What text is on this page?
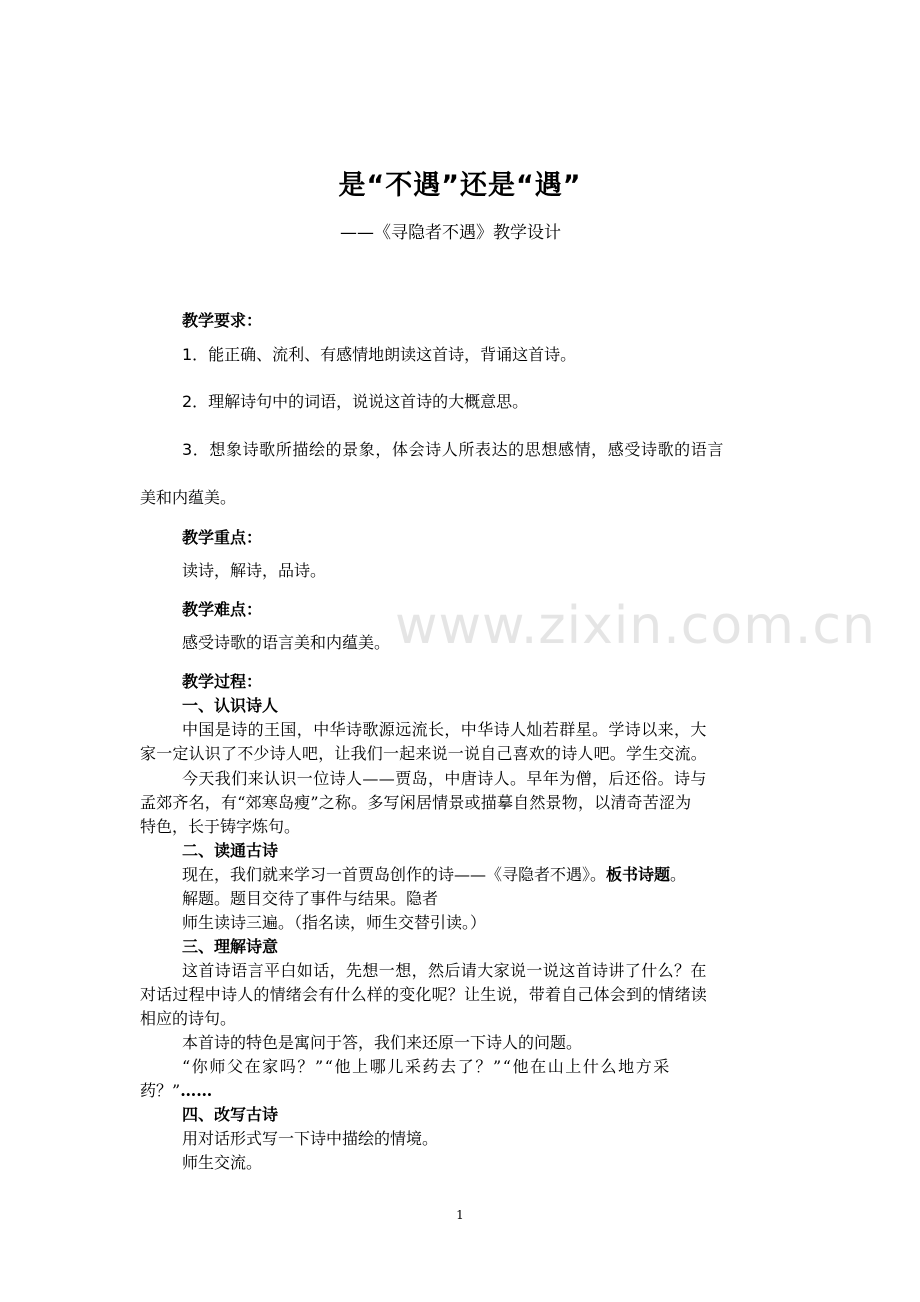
是“不遇”还是“遇”
——《寻隐者不遇》教学设计
教学要求：
1．能正确、流利、有感情地朗读这首诗，背诵这首诗。
2．理解诗句中的词语，说说这首诗的大概意思。
3．想象诗歌所描绘的景象，体会诗人所表达的思想感情，感受诗歌的语言
美和内蕴美。
教学重点：
读诗，解诗，品诗。
教学难点：
感受诗歌的语言美和内蕴美。 www.zixin.com.cn
教学过程：
一、认识诗人
中国是诗的王国，中华诗歌源远流长，中华诗人灿若群星。学诗以来，大
家一定认识了不少诗人吧，让我们一起来说一说自己喜欢的诗人吧。学生交流。
今天我们来认识一位诗人——贾岛，中唐诗人。早年为僧，后还俗。诗与
孟郊齐名，有“郊寒岛瘦”之称。多写闲居情景或描摹自然景物，以清奇苦涩为
特色，长于铸字炼句。
二、读通古诗
现在，我们就来学习一首贾岛创作的诗——《寻隐者不遇》。板书诗题。
解题。题目交待了事件与结果。隐者
师生读诗三遍。（指名读，师生交替引读。）
三、理解诗意
这首诗语言平白如话，先想一想，然后请大家说一说这首诗讲了什么？在
对话过程中诗人的情绪会有什么样的变化呢？让生说，带着自己体会到的情绪读
相应的诗句。
本首诗的特色是寓问于答，我们来还原一下诗人的问题。
“你师父在家吗？”“他上哪儿采药去了？”“他在山上什么地方采
药？”……
四、改写古诗
用对话形式写一下诗中描绘的情境。
师生交流。
1
